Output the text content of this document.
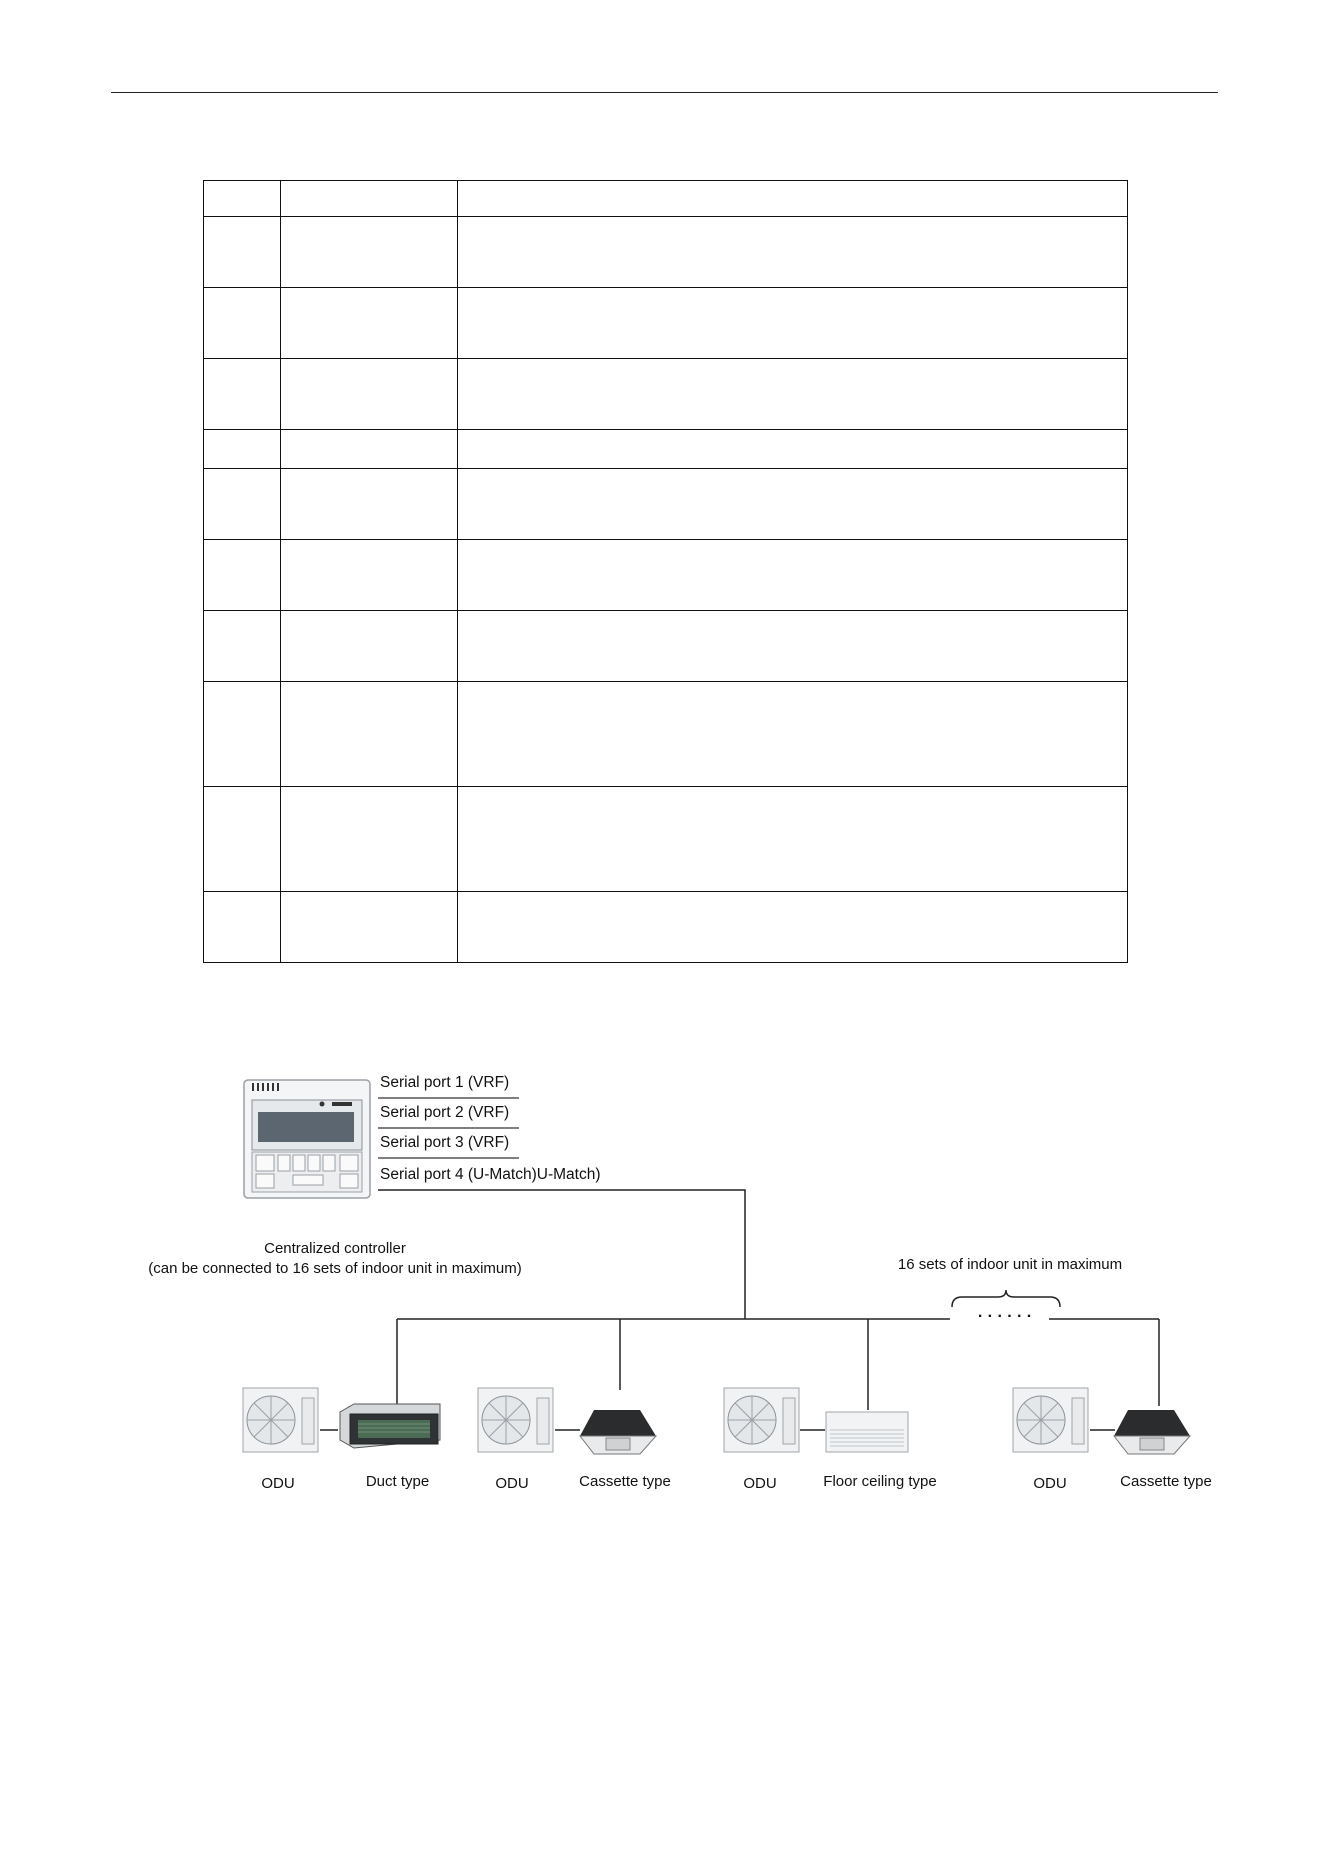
Serial port 1 (VRF)
Serial port 2 (VRF)
Serial port 3 (VRF)
Serial port 4 (U-Match)U-Match)
Centralized controller
(can be connected to 16 sets of indoor unit in maximum)	16 sets of indoor unit in maximum
· · · · · ·
ODU	Duct type	ODU	Cassette type	ODU	Floor ceiling type	ODU	Cassette type
